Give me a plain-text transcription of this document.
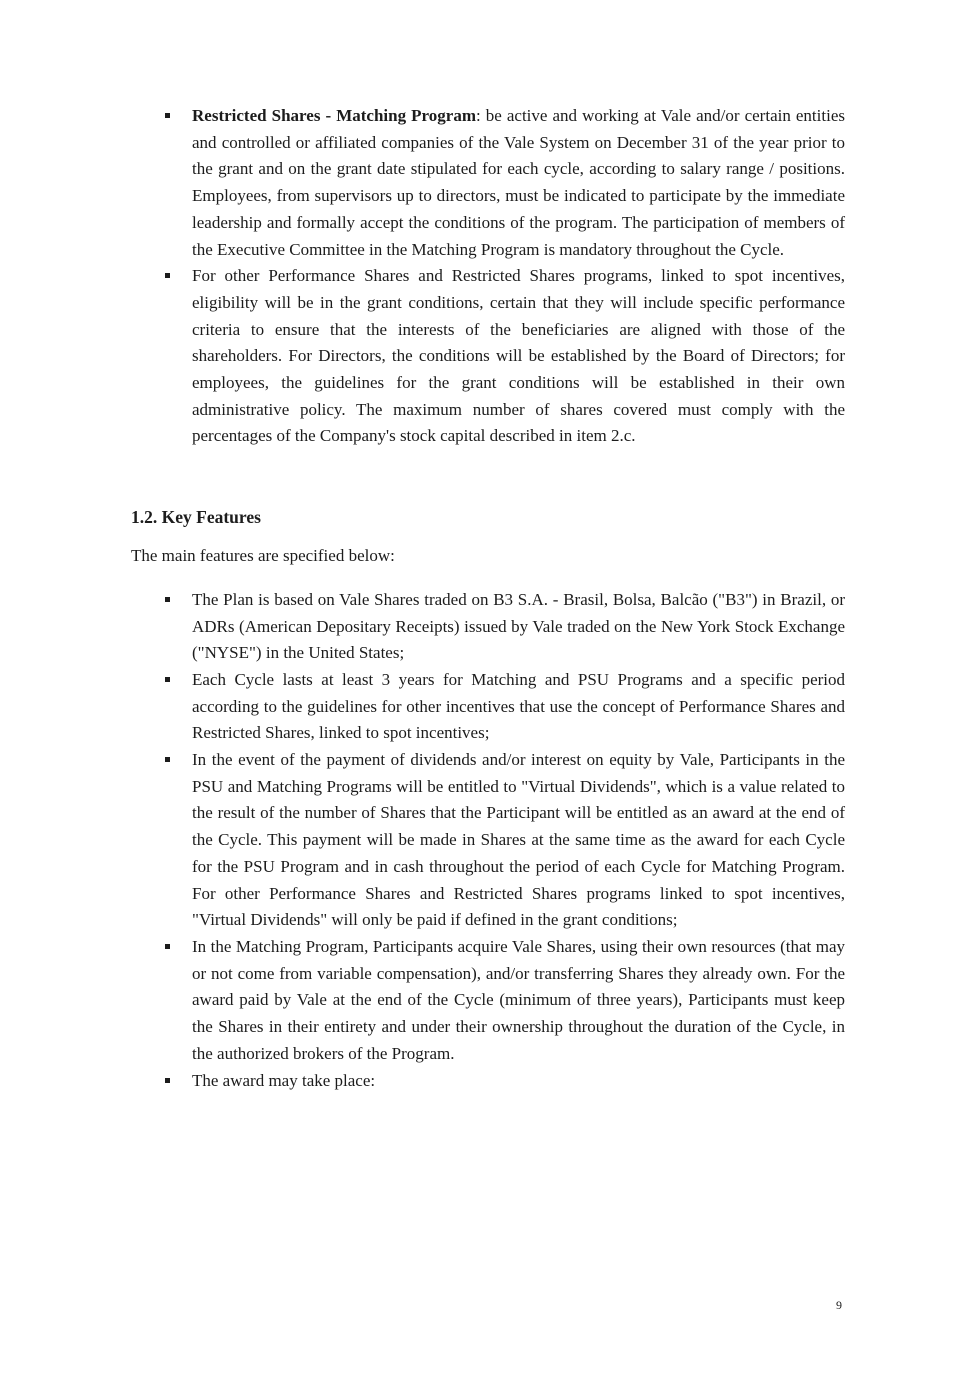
Restricted Shares - Matching Program: be active and working at Vale and/or certain entities and controlled or affiliated companies of the Vale System on December 31 of the year prior to the grant and on the grant date stipulated for each cycle, according to salary range / positions. Employees, from supervisors up to directors, must be indicated to participate by the immediate leadership and formally accept the conditions of the program. The participation of members of the Executive Committee in the Matching Program is mandatory throughout the Cycle.
For other Performance Shares and Restricted Shares programs, linked to spot incentives, eligibility will be in the grant conditions, certain that they will include specific performance criteria to ensure that the interests of the beneficiaries are aligned with those of the shareholders. For Directors, the conditions will be established by the Board of Directors; for employees, the guidelines for the grant conditions will be established in their own administrative policy. The maximum number of shares covered must comply with the percentages of the Company's stock capital described in item 2.c.
1.2. Key Features

The main features are specified below:

The Plan is based on Vale Shares traded on B3 S.A. - Brasil, Bolsa, Balcão ("B3") in Brazil, or ADRs (American Depositary Receipts) issued by Vale traded on the New York Stock Exchange ("NYSE") in the United States;
Each Cycle lasts at least 3 years for Matching and PSU Programs and a specific period according to the guidelines for other incentives that use the concept of Performance Shares and Restricted Shares, linked to spot incentives;
In the event of the payment of dividends and/or interest on equity by Vale, Participants in the PSU and Matching Programs will be entitled to "Virtual Dividends", which is a value related to the result of the number of Shares that the Participant will be entitled as an award at the end of the Cycle. This payment will be made in Shares at the same time as the award for each Cycle for the PSU Program and in cash throughout the period of each Cycle for Matching Program. For other Performance Shares and Restricted Shares programs linked to spot incentives, "Virtual Dividends" will only be paid if defined in the grant conditions;
In the Matching Program, Participants acquire Vale Shares, using their own resources (that may or not come from variable compensation), and/or transferring Shares they already own. For the award paid by Vale at the end of the Cycle (minimum of three years), Participants must keep the Shares in their entirety and under their ownership throughout the duration of the Cycle, in the authorized brokers of the Program.
The award may take place:
9
